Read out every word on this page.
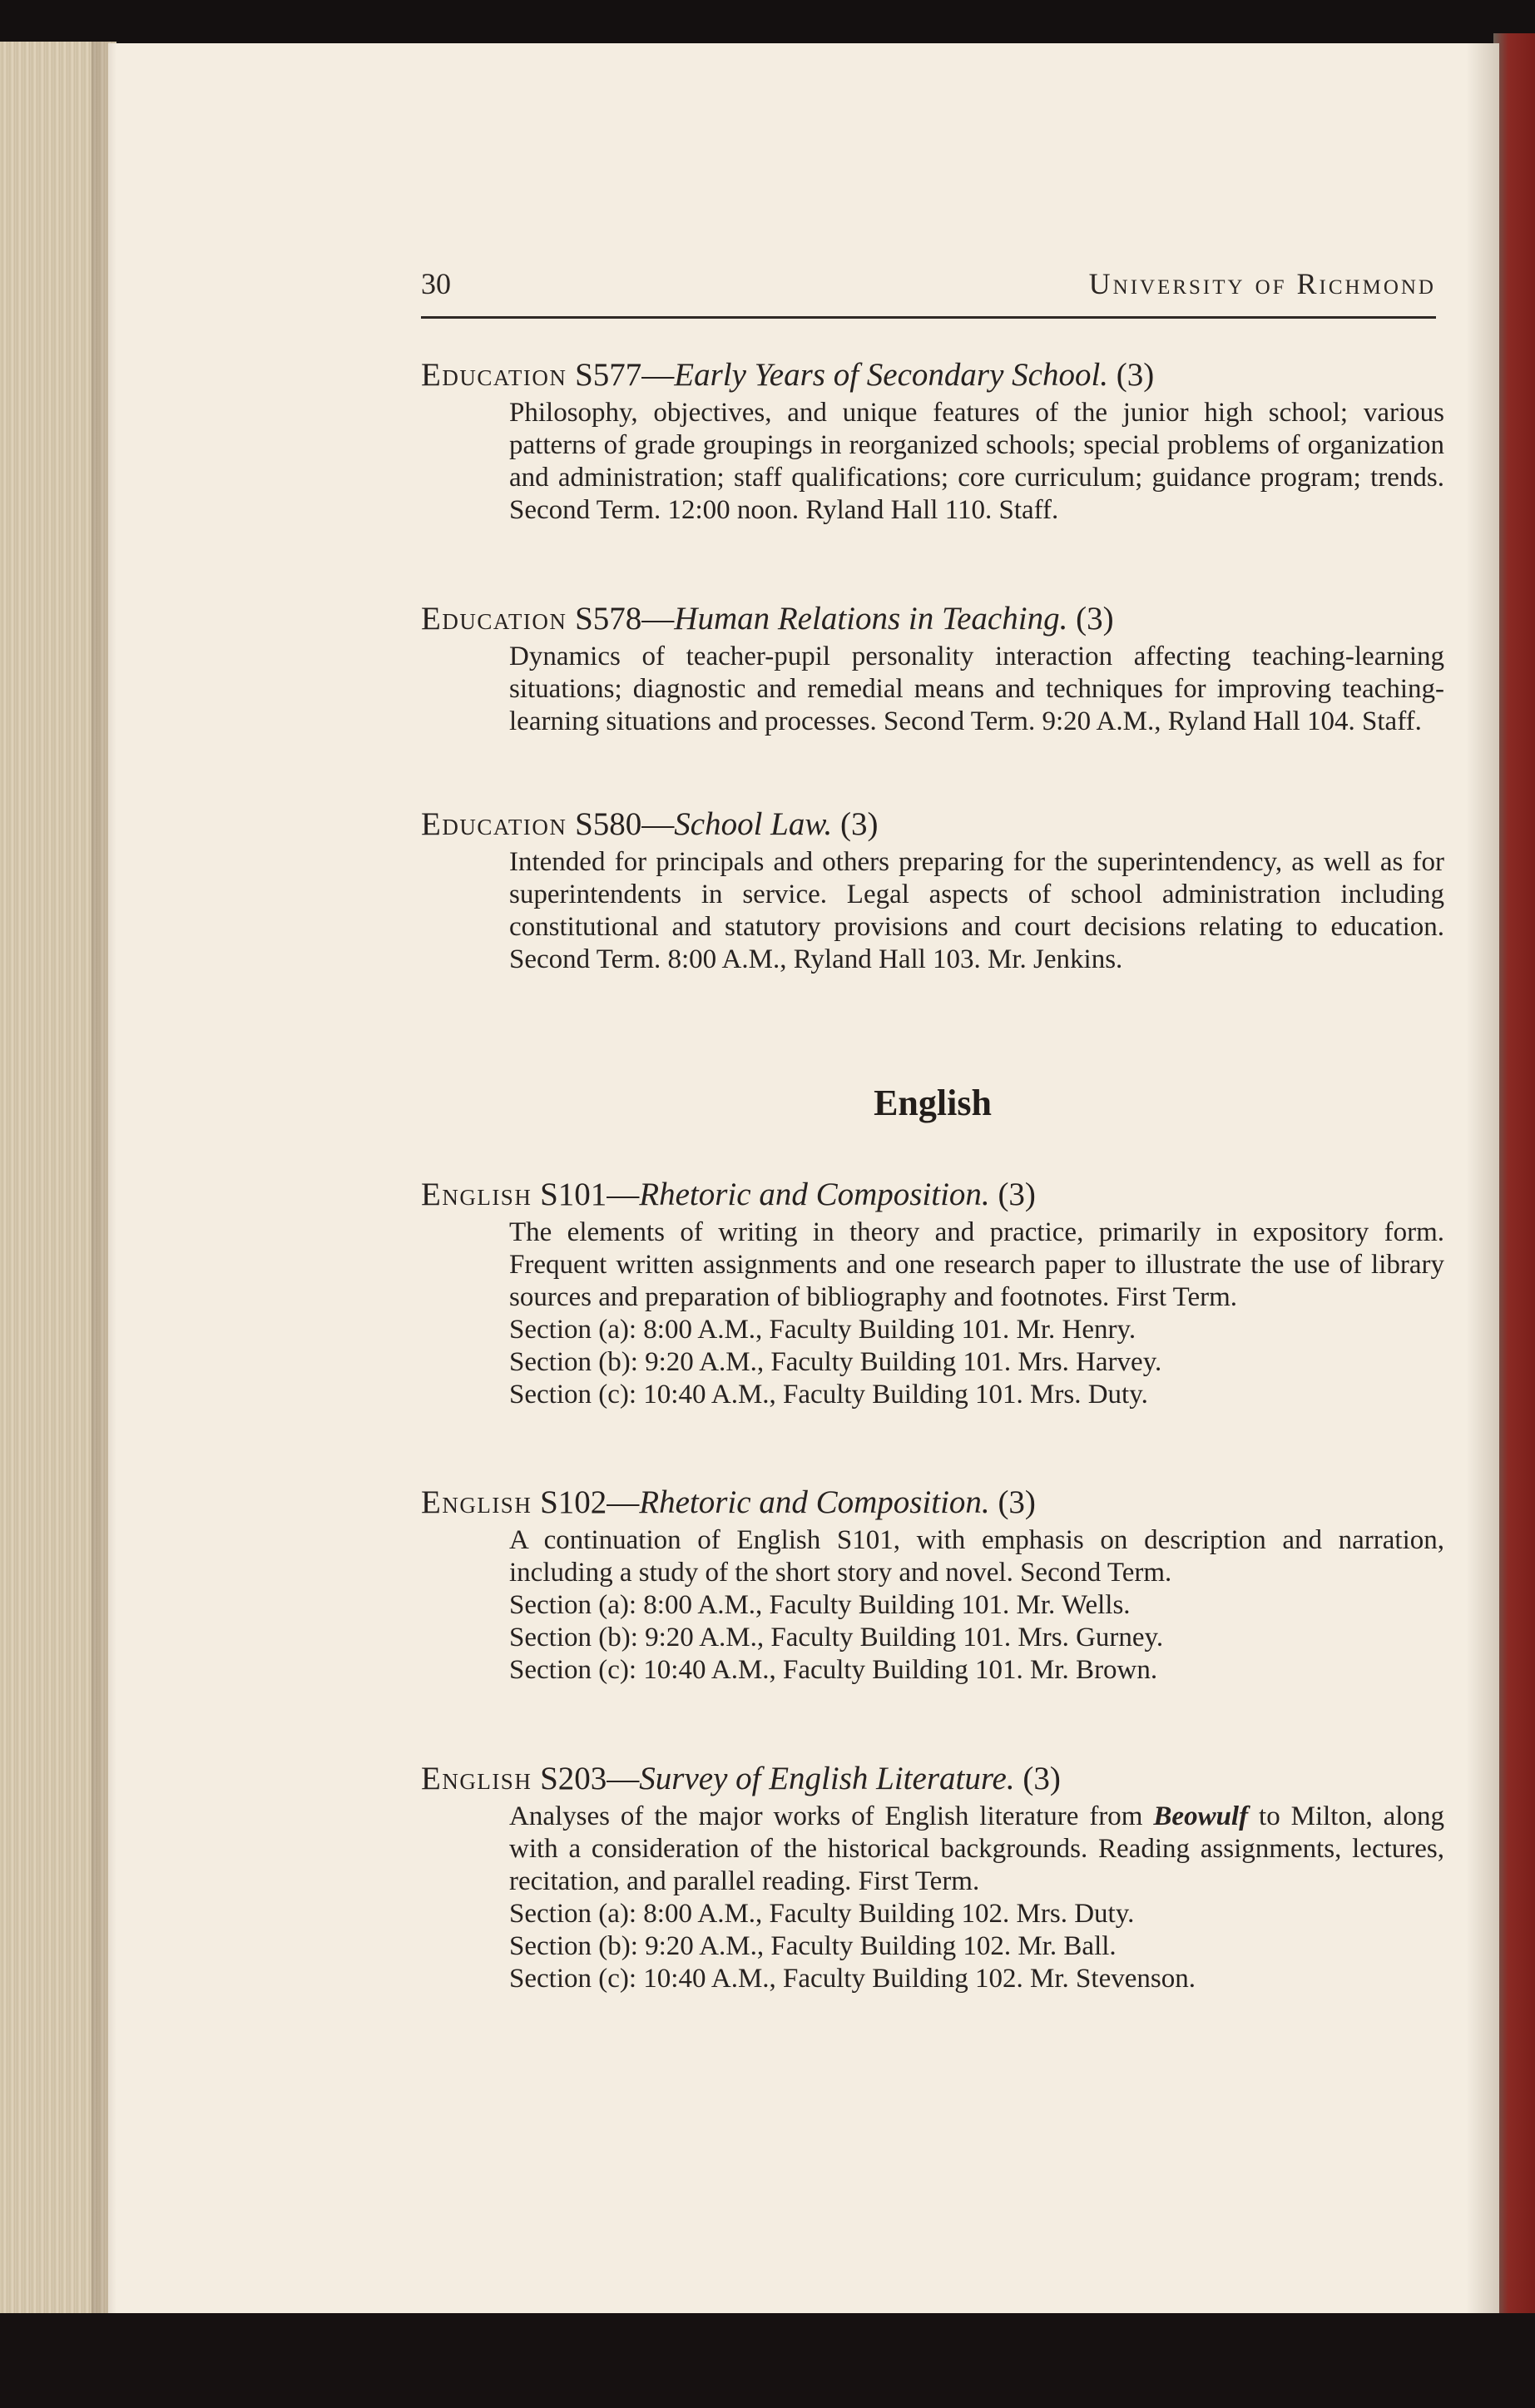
30	University of Richmond
Education S577—Early Years of Secondary School. (3)
Philosophy, objectives, and unique features of the junior high school; various patterns of grade groupings in reorganized schools; special problems of organization and administration; staff qualifications; core curriculum; guidance program; trends. Second Term. 12:00 noon. Ryland Hall 110. Staff.
Education S578—Human Relations in Teaching. (3)
Dynamics of teacher-pupil personality interaction affecting teaching-learning situations; diagnostic and remedial means and techniques for improving teaching-learning situations and processes. Second Term. 9:20 A.M., Ryland Hall 104. Staff.
Education S580—School Law. (3)
Intended for principals and others preparing for the superintendency, as well as for superintendents in service. Legal aspects of school administration including constitutional and statutory provisions and court decisions relating to education. Second Term. 8:00 A.M., Ryland Hall 103. Mr. Jenkins.
English
English S101—Rhetoric and Composition. (3)
The elements of writing in theory and practice, primarily in expository form. Frequent written assignments and one research paper to illustrate the use of library sources and preparation of bibliography and footnotes. First Term.
Section (a): 8:00 A.M., Faculty Building 101. Mr. Henry.
Section (b): 9:20 A.M., Faculty Building 101. Mrs. Harvey.
Section (c): 10:40 A.M., Faculty Building 101. Mrs. Duty.
English S102—Rhetoric and Composition. (3)
A continuation of English S101, with emphasis on description and narration, including a study of the short story and novel. Second Term.
Section (a): 8:00 A.M., Faculty Building 101. Mr. Wells.
Section (b): 9:20 A.M., Faculty Building 101. Mrs. Gurney.
Section (c): 10:40 A.M., Faculty Building 101. Mr. Brown.
English S203—Survey of English Literature. (3)
Analyses of the major works of English literature from Beowulf to Milton, along with a consideration of the historical backgrounds. Reading assignments, lectures, recitation, and parallel reading. First Term.
Section (a): 8:00 A.M., Faculty Building 102. Mrs. Duty.
Section (b): 9:20 A.M., Faculty Building 102. Mr. Ball.
Section (c): 10:40 A.M., Faculty Building 102. Mr. Stevenson.
